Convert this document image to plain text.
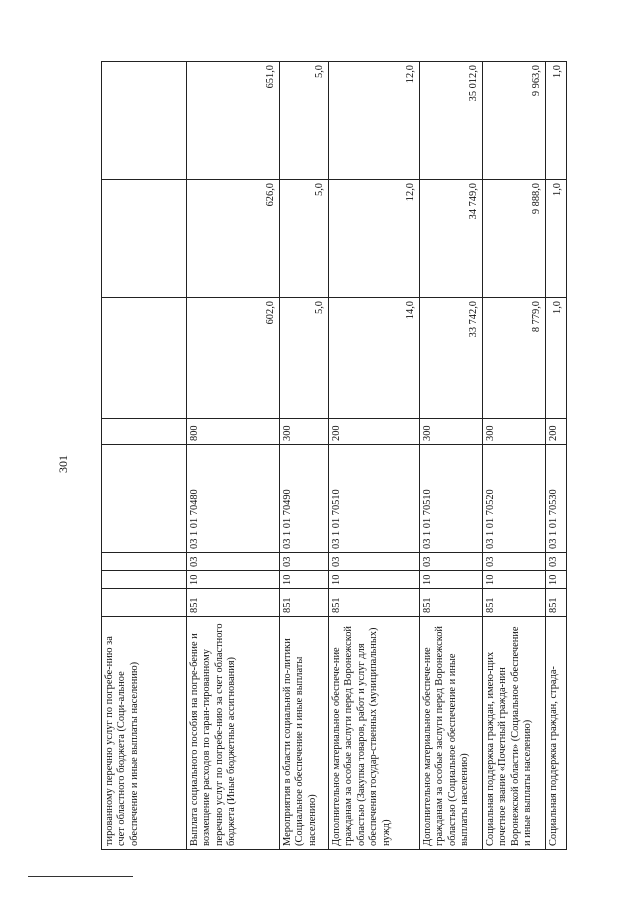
301
тированному перечню услуг по погребе-нию за счет областного бюджета (Соци-альное обеспечение и иные выплаты населению)								
Выплата социального пособия на погре-бение и возмещение расходов по гаран-тированному перечню услуг по погребе-нию за счет областного бюджета (Иные бюджетные ассигнования)	851	10	03	03 1 01 70480	800	602,0	626,0	651,0
Мероприятия в области социальной по-литики (Социальное обеспечение и иные выплаты населению)	851	10	03	03 1 01 70490	300	5,0	5,0	5,0
Дополнительное материальное обеспече-ние гражданам за особые заслуги перед Воронежской областью (Закупка товаров, работ и услуг для обеспечения государ-ственных (муниципальных) нужд)	851	10	03	03 1 01 70510	200	14,0	12,0	12,0
Дополнительное материальное обеспече-ние гражданам за особые заслуги перед Воронежской областью (Социальное обеспечение и иные выплаты населению)	851	10	03	03 1 01 70510	300	33 742,0	34 749,0	35 012,0
Социальная поддержка граждан, имею-щих почетное звание «Почетный гражда-нин Воронежской области» (Социальное обеспечение и иные выплаты населению)	851	10	03	03 1 01 70520	300	8 779,0	9 888,0	9 963,0
Социальная поддержка граждан, страда-	851	10	03	03 1 01 70530	200	1,0	1,0	1,0
